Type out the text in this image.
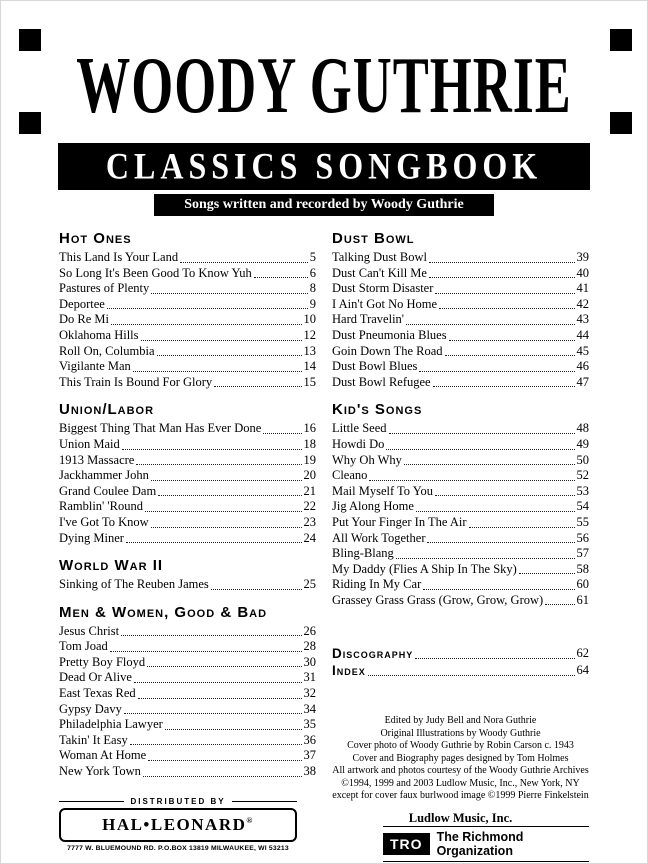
WOODY GUTHRIE
CLASSICS SONGBOOK
Songs written and recorded by Woody Guthrie
Hot Ones
This Land Is Your Land	5
So Long It's Been Good To Know Yuh	6
Pastures of Plenty	8
Deportee	9
Do Re Mi	10
Oklahoma Hills	12
Roll On, Columbia	13
Vigilante Man	14
This Train Is Bound For Glory	15
Union/Labor
Biggest Thing That Man Has Ever Done	16
Union Maid	18
1913 Massacre	19
Jackhammer John	20
Grand Coulee Dam	21
Ramblin' 'Round	22
I've Got To Know	23
Dying Miner	24
World War II
Sinking of The Reuben James	25
Men & Women, Good & Bad
Jesus Christ	26
Tom Joad	28
Pretty Boy Floyd	30
Dead Or Alive	31
East Texas Red	32
Gypsy Davy	34
Philadelphia Lawyer	35
Takin' It Easy	36
Woman At Home	37
New York Town	38
DISTRIBUTED BY
HAL•LEONARD ®
7777 W. BLUEMOUND RD. P.O.BOX 13819 MILWAUKEE, WI 53213
Dust Bowl
Talking Dust Bowl	39
Dust Can't Kill Me	40
Dust Storm Disaster	41
I Ain't Got No Home	42
Hard Travelin'	43
Dust Pneumonia Blues	44
Goin Down The Road	45
Dust Bowl Blues	46
Dust Bowl Refugee	47
Kid's Songs
Little Seed	48
Howdi Do	49
Why Oh Why	50
Cleano	52
Mail Myself To You	53
Jig Along Home	54
Put Your Finger In The Air	55
All Work Together	56
Bling-Blang	57
My Daddy (Flies A Ship In The Sky)	58
Riding In My Car	60
Grassey Grass Grass (Grow, Grow, Grow)	61
Discography	62
Index	64
Edited by Judy Bell and Nora Guthrie
Original Illustrations by Woody Guthrie
Cover photo of Woody Guthrie by Robin Carson c. 1943
Cover and Biography pages designed by Tom Holmes
All artwork and photos courtesy of the Woody Guthrie Archives
©1994, 1999 and 2003 Ludlow Music, Inc., New York, NY
except for cover faux burlwood image ©1999 Pierre Finkelstein
Ludlow Music, Inc.
TRO	The Richmond Organization
